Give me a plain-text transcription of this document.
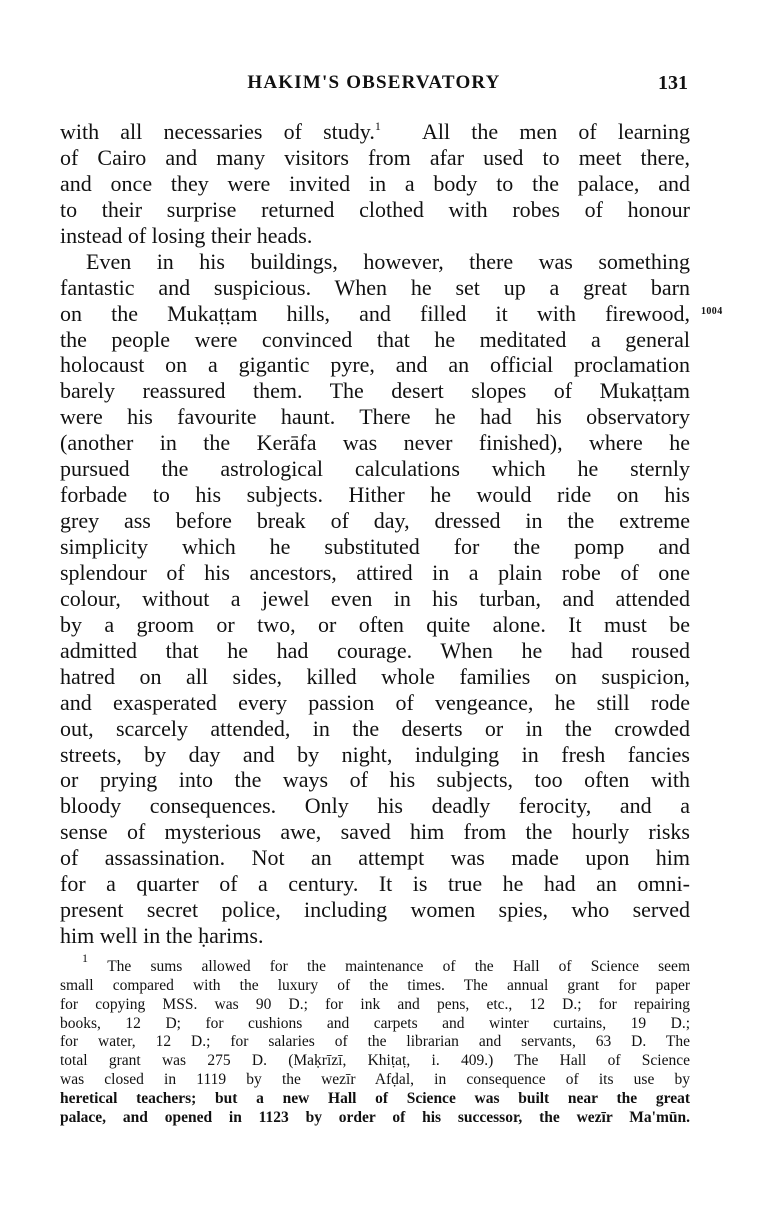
HAKIM'S OBSERVATORY	131
with all necessaries of study.$^1$ All the men of learning
of Cairo and many visitors from afar used to meet there,
and once they were invited in a body to the palace, and
to their surprise returned clothed with robes of honour
instead of losing their heads.
Even in his buildings, however, there was something
fantastic and suspicious. When he set up a great barn
on the Mukaṭṭam hills, and filled it with firewood, 1004
the people were convinced that he meditated a general
holocaust on a gigantic pyre, and an official proclamation
barely reassured them. The desert slopes of Mukaṭṭam
were his favourite haunt. There he had his observatory
(another in the Kerāfa was never finished), where he
pursued the astrological calculations which he sternly
forbade to his subjects. Hither he would ride on his
grey ass before break of day, dressed in the extreme
simplicity which he substituted for the pomp and
splendour of his ancestors, attired in a plain robe of one
colour, without a jewel even in his turban, and attended
by a groom or two, or often quite alone. It must be
admitted that he had courage. When he had roused
hatred on all sides, killed whole families on suspicion,
and exasperated every passion of vengeance, he still rode
out, scarcely attended, in the deserts or in the crowded
streets, by day and by night, indulging in fresh fancies
or prying into the ways of his subjects, too often with
bloody consequences. Only his deadly ferocity, and a
sense of mysterious awe, saved him from the hourly risks
of assassination. Not an attempt was made upon him
for a quarter of a century. It is true he had an omni-
present secret police, including women spies, who served
him well in the ḥarims.
$^1$ The sums allowed for the maintenance of the Hall of Science seem
small compared with the luxury of the times. The annual grant for paper
for copying MSS. was 90 D.; for ink and pens, etc., 12 D.; for repairing
books, 12 D; for cushions and carpets and winter curtains, 19 D.;
for water, 12 D.; for salaries of the librarian and servants, 63 D. The
total grant was 275 D. (Maḳrīzī, Khiṭaṭ, i. 409.) The Hall of Science
was closed in 1119 by the wezīr Afḍal, in consequence of its use by
heretical teachers; but a new Hall of Science was built near the great
palace, and opened in 1123 by order of his successor, the wezīr Ma'mūn.
